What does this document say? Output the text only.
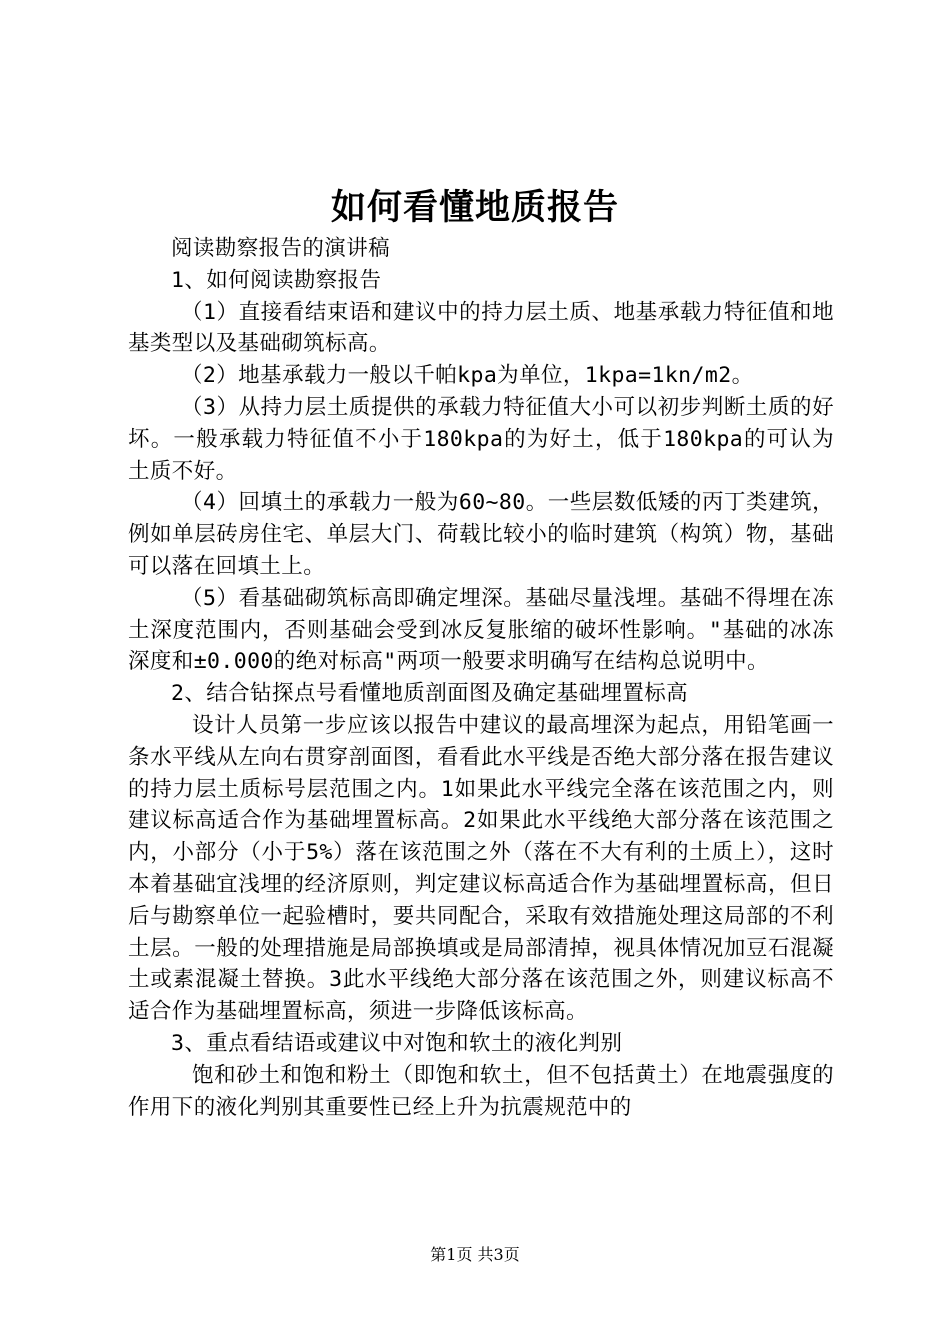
如何看懂地质报告

阅读勘察报告的演讲稿

1、如何阅读勘察报告

（1）直接看结束语和建议中的持力层土质、地基承载力特征值和地基类型以及基础砌筑标高。

（2）地基承载力一般以千帕kpa为单位，1kpa=1kn/m2。

（3）从持力层土质提供的承载力特征值大小可以初步判断土质的好坏。一般承载力特征值不小于180kpa的为好土，低于180kpa的可认为土质不好。

（4）回填土的承载力一般为60~80。一些层数低矮的丙丁类建筑，例如单层砖房住宅、单层大门、荷载比较小的临时建筑（构筑）物，基础可以落在回填土上。

（5）看基础砌筑标高即确定埋深。基础尽量浅埋。基础不得埋在冻土深度范围内，否则基础会受到冰反复胀缩的破坏性影响。"基础的冰冻深度和±0.000的绝对标高"两项一般要求明确写在结构总说明中。

2、结合钻探点号看懂地质剖面图及确定基础埋置标高

设计人员第一步应该以报告中建议的最高埋深为起点，用铅笔画一条水平线从左向右贯穿剖面图，看看此水平线是否绝大部分落在报告建议的持力层土质标号层范围之内。1如果此水平线完全落在该范围之内，则建议标高适合作为基础埋置标高。2如果此水平线绝大部分落在该范围之内，小部分（小于5%）落在该范围之外（落在不大有利的土质上），这时本着基础宜浅埋的经济原则，判定建议标高适合作为基础埋置标高，但日后与勘察单位一起验槽时，要共同配合，采取有效措施处理这局部的不利土层。一般的处理措施是局部换填或是局部清掉，视具体情况加豆石混凝土或素混凝土替换。3此水平线绝大部分落在该范围之外，则建议标高不适合作为基础埋置标高，须进一步降低该标高。

3、重点看结语或建议中对饱和软土的液化判别

饱和砂土和饱和粉土（即饱和软土，但不包括黄土）在地震强度的作用下的液化判别其重要性已经上升为抗震规范中的

第1页 共3页
